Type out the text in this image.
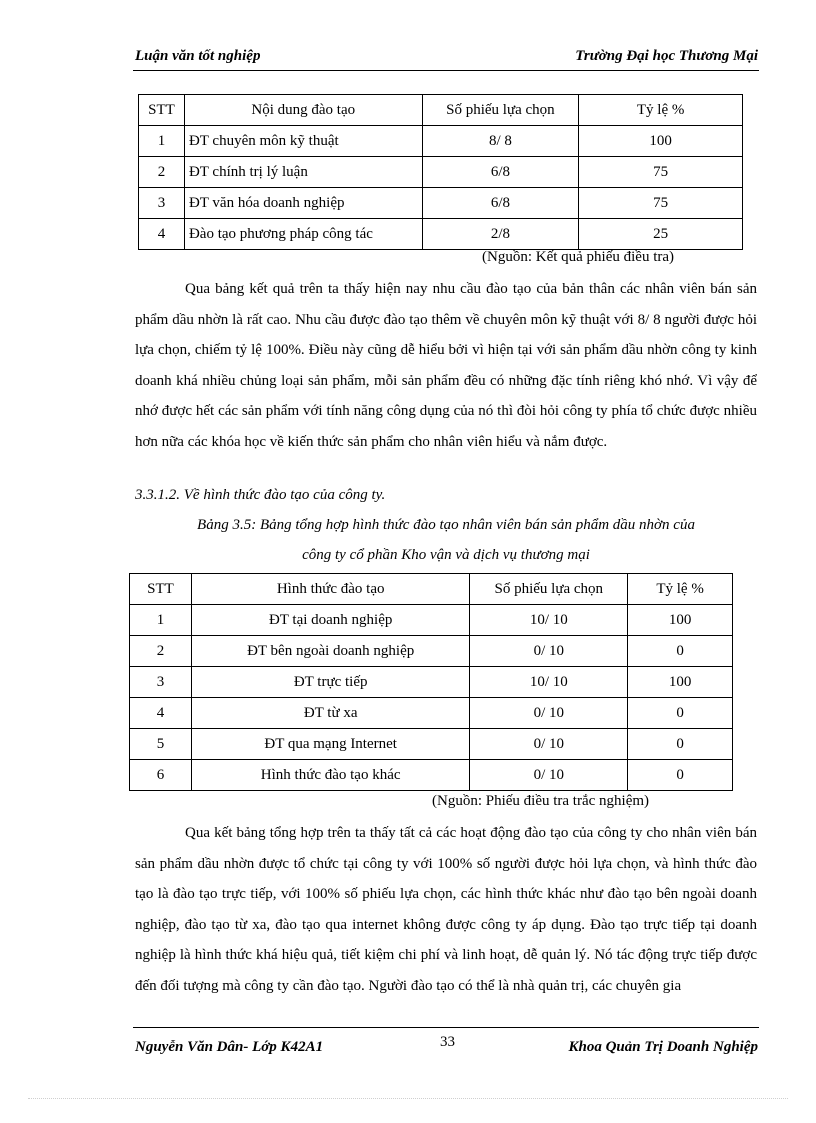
Luận văn tốt nghiệp	Trường Đại học Thương Mại
STT	Nội dung đào tạo	Số phiếu lựa chọn	Tỷ lệ %
1	ĐT chuyên môn kỹ thuật	8/ 8	100
2	ĐT chính trị lý luận	6/8	75
3	ĐT văn hóa doanh nghiệp	6/8	75
4	Đào tạo phương pháp công tác	2/8	25
(Nguồn: Kết quả phiếu điều tra)

Qua bảng kết quả trên ta thấy hiện nay nhu cầu đào tạo của bản thân các nhân viên bán sản phẩm dầu nhờn là rất cao. Nhu cầu được đào tạo thêm về chuyên môn kỹ thuật với 8/ 8 người được hỏi lựa chọn, chiếm tỷ lệ 100%. Điều này cũng dễ hiểu bởi vì hiện tại với sản phẩm dầu nhờn công ty kinh doanh khá nhiều chủng loại sản phẩm, mỗi sản phẩm đều có những đặc tính riêng khó nhớ. Vì vậy để nhớ được hết các sản phẩm với tính năng công dụng của nó thì đòi hỏi công ty phía tổ chức được nhiều hơn nữa các khóa học về kiến thức sản phẩm cho nhân viên hiểu và nắm được.

3.3.1.2. Về hình thức đào tạo của công ty.
Bảng 3.5: Bảng tổng hợp hình thức đào tạo nhân viên bán sản phẩm dầu nhờn của
công ty cổ phần Kho vận và dịch vụ thương mại
STT	Hình thức đào tạo	Số phiếu lựa chọn	Tỷ lệ %
1	ĐT tại doanh nghiệp	10/ 10	100
2	ĐT bên ngoài doanh nghiệp	0/ 10	0
3	ĐT trực tiếp	10/ 10	100
4	ĐT từ xa	0/ 10	0
5	ĐT qua mạng Internet	0/ 10	0
6	Hình thức đào tạo khác	0/ 10	0
(Nguồn: Phiếu điều tra trắc nghiệm)

Qua kết bảng tổng hợp trên ta thấy tất cả các hoạt động đào tạo của công ty cho nhân viên bán sản phẩm dầu nhờn được tổ chức tại công ty với 100% số người được hỏi lựa chọn, và hình thức đào tạo là đào tạo trực tiếp, với 100% số phiếu lựa chọn, các hình thức khác như đào tạo bên ngoài doanh nghiệp, đào tạo từ xa, đào tạo qua internet không được công ty áp dụng. Đào tạo trực tiếp tại doanh nghiệp là hình thức khá hiệu quả, tiết kiệm chi phí và linh hoạt, dễ quản lý. Nó tác động trực tiếp được đến đối tượng mà công ty cần đào tạo. Người đào tạo có thể là nhà quản trị, các chuyên gia

Nguyễn Văn Dân- Lớp K42A1	33	Khoa Quản Trị Doanh Nghiệp
